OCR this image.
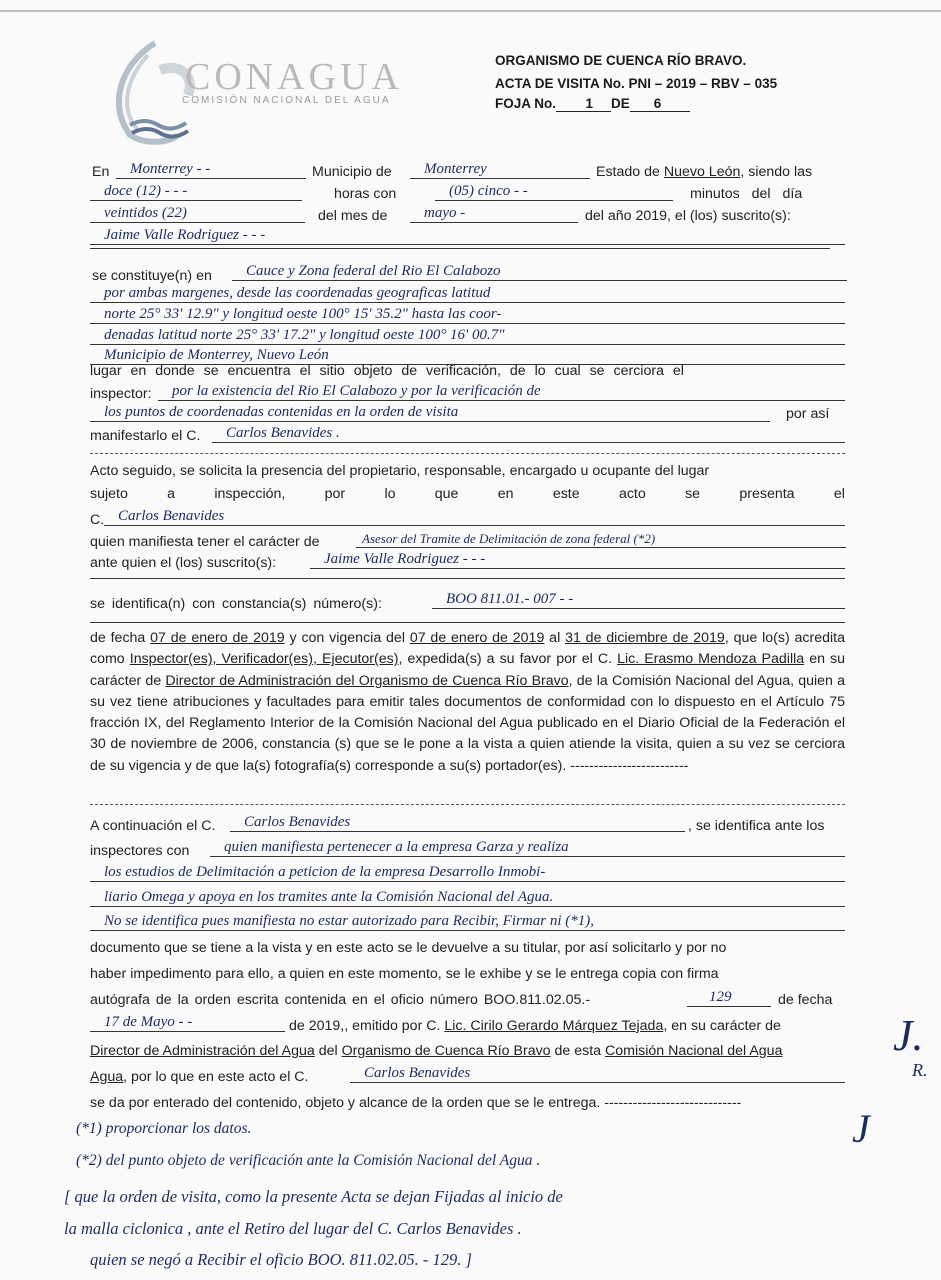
CONAGUA
COMISIÓN NACIONAL DEL AGUA
ORGANISMO DE CUENCA RÍO BRAVO.
ACTA DE VISITA No. PNI – 2019 – RBV – 035
FOJA No. 1 DE 6
En Monterrey - -	Municipio de Monterrey	Estado de Nuevo León, siendo las
doce (12) - - -	horas con	(05) cinco - -	minutos del día
veintidos (22)	del mes de mayo -	del año 2019, el (los) suscrito(s):
Jaime Valle Rodriguez - - -
se constituye(n) en Cauce y Zona federal del Rio El Calabozo
por ambas margenes, desde las coordenadas geograficas latitud
norte 25° 33' 12.9" y longitud oeste 100° 15' 35.2" hasta las coor-
denadas latitud norte 25° 33' 17.2" y longitud oeste 100° 16' 00.7"
Municipio de Monterrey, Nuevo León
lugar en donde se encuentra el sitio objeto de verificación, de lo cual se cerciora el
inspector: por la existencia del Rio El Calabozo y por la verificación de
los puntos de coordenadas contenidas en la orden de visita	por así
manifestarlo el C. Carlos Benavides .
Acto seguido, se solicita la presencia del propietario, responsable, encargado u ocupante del lugar
sujeto	a	inspección,	por	lo	que	en	este	acto	se	presenta	el
C. Carlos Benavides
quien manifiesta tener el carácter de	Asesor del Tramite de Delimitación de zona federal (*2)
ante quien el (los) suscrito(s):	Jaime Valle Rodriguez - - -
se identifica(n) con constancia(s) número(s):	BOO 811.01.- 007 - -
de fecha 07 de enero de 2019 y con vigencia del 07 de enero de 2019 al 31 de diciembre de 2019, que lo(s) acredita como Inspector(es), Verificador(es), Ejecutor(es), expedida(s) a su favor por el C. Lic. Erasmo Mendoza Padilla en su carácter de Director de Administración del Organismo de Cuenca Río Bravo, de la Comisión Nacional del Agua, quien a su vez tiene atribuciones y facultades para emitir tales documentos de conformidad con lo dispuesto en el Artículo 75 fracción IX, del Reglamento Interior de la Comisión Nacional del Agua publicado en el Diario Oficial de la Federación el 30 de noviembre de 2006, constancia (s) que se le pone a la vista a quien atiende la visita, quien a su vez se cerciora de su vigencia y de que la(s) fotografía(s) corresponde a su(s) portador(es). -------------------------
A continuación el C. Carlos Benavides	, se identifica ante los
inspectores con quien manifiesta pertenecer a la empresa Garza y realiza
los estudios de Delimitación a peticion de la empresa Desarrollo Inmobi-
liario Omega y apoya en los tramites ante la Comisión Nacional del Agua.
No se identifica pues manifiesta no estar autorizado para Recibir, Firmar ni (*1),
documento que se tiene a la vista y en este acto se le devuelve a su titular, por así solicitarlo y por no
haber impedimento para ello, a quien en este momento, se le exhibe y se le entrega copia con firma
autógrafa de la orden escrita contenida en el oficio número BOO.811.02.05.-	129	de fecha
17 de Mayo - -	de 2019,, emitido por C. Lic. Cirilo Gerardo Márquez Tejada, en su carácter de
Director de Administración del Agua del Organismo de Cuenca Río Bravo de esta Comisión Nacional del Agua
Agua, por lo que en este acto el C.	Carlos Benavides
se da por enterado del contenido, objeto y alcance de la orden que se le entrega. -----------------------------
(*1) proporcionar los datos.
(*2) del punto objeto de verificación ante la Comisión Nacional del Agua .
[ que la orden de visita, como la presente Acta se dejan Fijadas al inicio de
la malla ciclonica , ante el Retiro del lugar del C. Carlos Benavides .
quien se negó a Recibir el oficio BOO. 811.02.05. - 129. ]
J.
R.
J
